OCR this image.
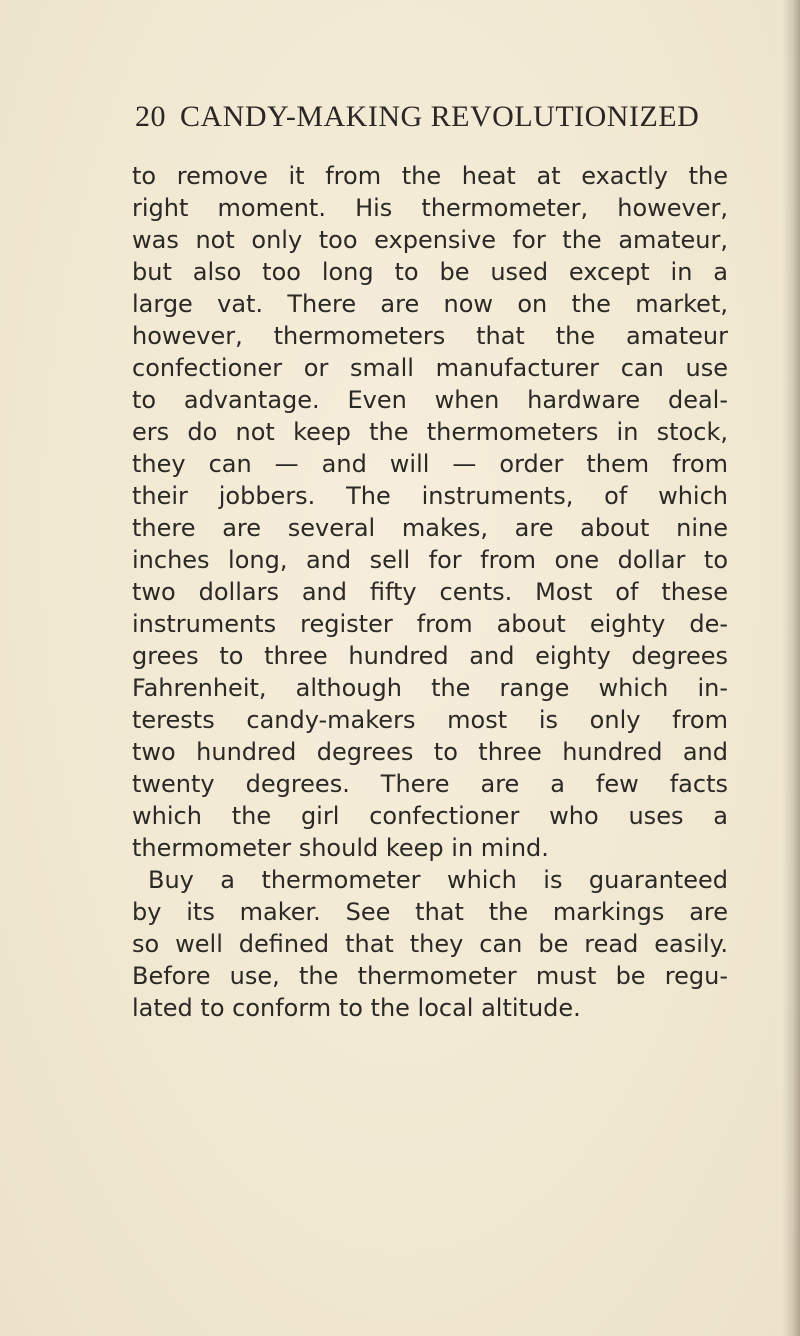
20 CANDY-MAKING REVOLUTIONIZED
to remove it from the heat at exactly the
right moment. His thermometer, however,
was not only too expensive for the amateur,
but also too long to be used except in a
large vat. There are now on the market,
however, thermometers that the amateur
confectioner or small manufacturer can use
to advantage. Even when hardware deal-
ers do not keep the thermometers in stock,
they can — and will — order them from
their jobbers. The instruments, of which
there are several makes, are about nine
inches long, and sell for from one dollar to
two dollars and fifty cents. Most of these
instruments register from about eighty de-
grees to three hundred and eighty degrees
Fahrenheit, although the range which in-
terests candy-makers most is only from
two hundred degrees to three hundred and
twenty degrees. There are a few facts
which the girl confectioner who uses a
thermometer should keep in mind.
Buy a thermometer which is guaranteed
by its maker. See that the markings are
so well defined that they can be read easily.
Before use, the thermometer must be regu-
lated to conform to the local altitude.
